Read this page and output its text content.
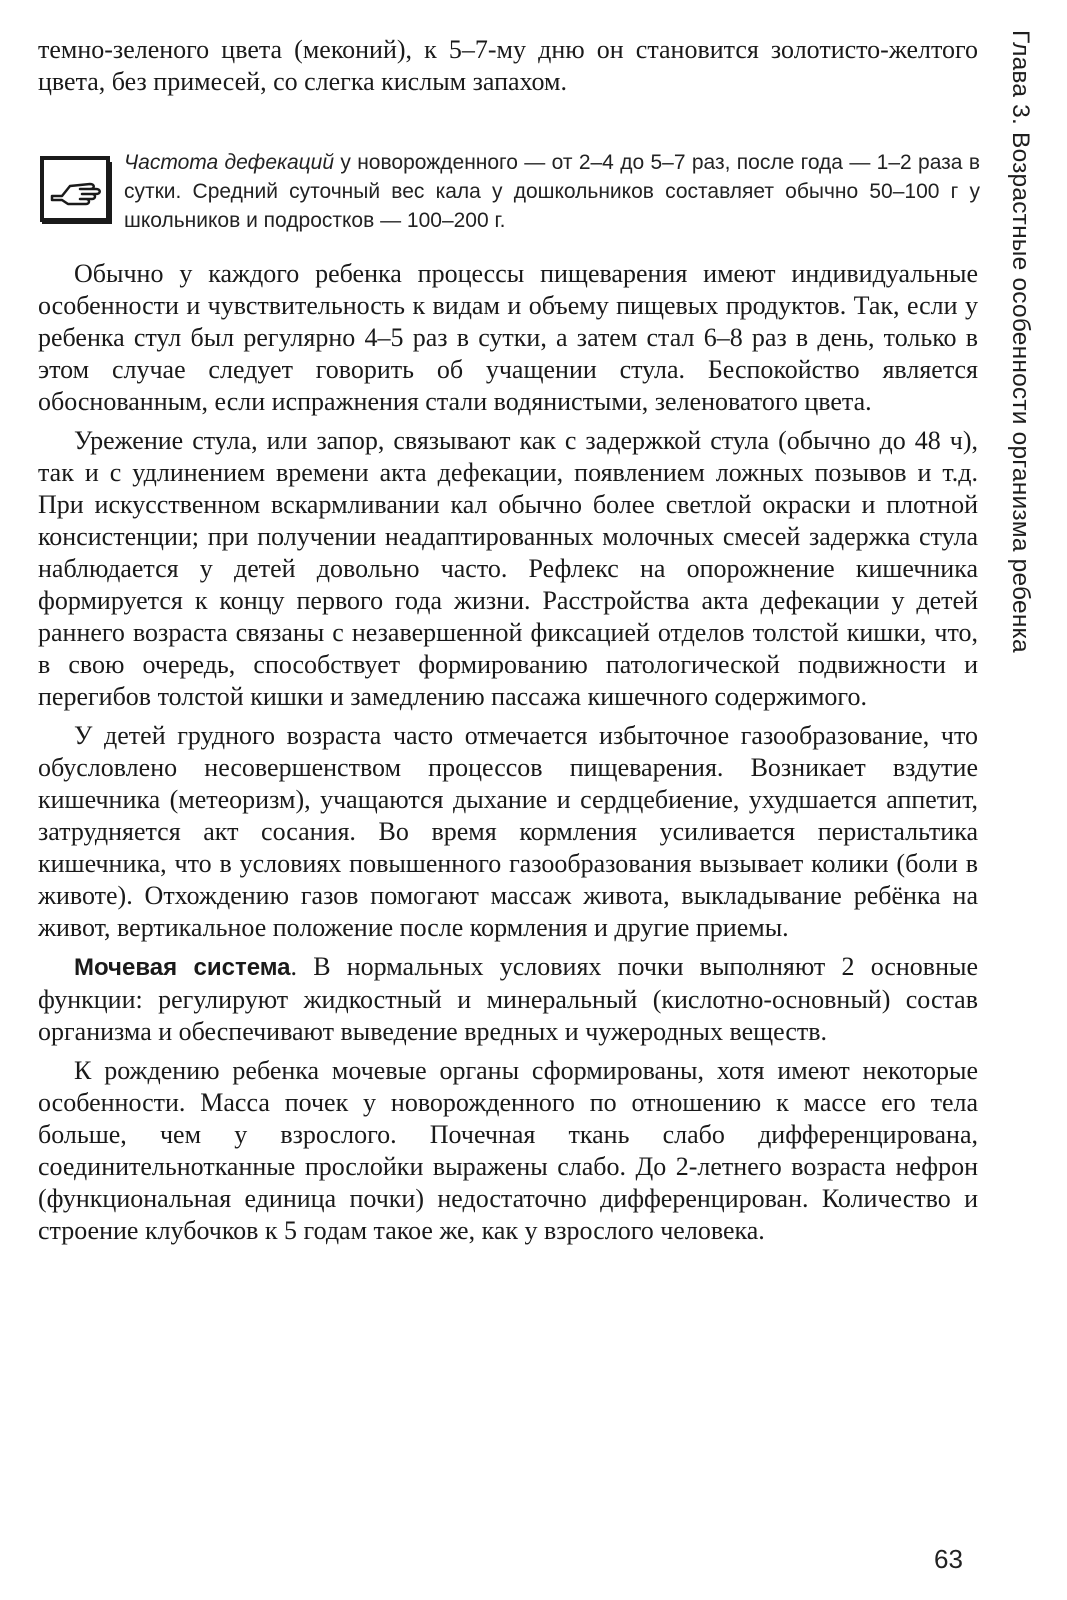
Глава 3. Возрастные особенности организма ребенка

темно-зеленого цвета (меконий), к 5–7-му дню он становится золотисто-желтого цвета, без примесей, со слегка кислым запахом.

Частота дефекаций у новорожденного — от 2–4 до 5–7 раз, после года — 1–2 раза в сутки. Средний суточный вес кала у дошкольников составляет обычно 50–100 г у школьников и подростков — 100–200 г.

Обычно у каждого ребенка процессы пищеварения имеют индивидуальные особенности и чувствительность к видам и объему пищевых продуктов. Так, если у ребенка стул был регулярно 4–5 раз в сутки, а затем стал 6–8 раз в день, только в этом случае следует говорить об учащении стула. Беспокойство является обоснованным, если испражнения стали водянистыми, зеленоватого цвета.

Урежение стула, или запор, связывают как с задержкой стула (обычно до 48 ч), так и с удлинением времени акта дефекации, появлением ложных позывов и т.д. При искусственном вскармливании кал обычно более светлой окраски и плотной консистенции; при получении неадаптированных молочных смесей задержка стула наблюдается у детей довольно часто. Рефлекс на опорожнение кишечника формируется к концу первого года жизни. Расстройства акта дефекации у детей раннего возраста связаны с незавершенной фиксацией отделов толстой кишки, что, в свою очередь, способствует формированию патологической подвижности и перегибов толстой кишки и замедлению пассажа кишечного содержимого.

У детей грудного возраста часто отмечается избыточное газообразование, что обусловлено несовершенством процессов пищеварения. Возникает вздутие кишечника (метеоризм), учащаются дыхание и сердцебиение, ухудшается аппетит, затрудняется акт сосания. Во время кормления усиливается перистальтика кишечника, что в условиях повышенного газообразования вызывает колики (боли в животе). Отхождению газов помогают массаж живота, выкладывание ребёнка на живот, вертикальное положение после кормления и другие приемы.

Мочевая система. В нормальных условиях почки выполняют 2 основные функции: регулируют жидкостный и минеральный (кислотно-основный) состав организма и обеспечивают выведение вредных и чужеродных веществ.

К рождению ребенка мочевые органы сформированы, хотя имеют некоторые особенности. Масса почек у новорожденного по отношению к массе его тела больше, чем у взрослого. Почечная ткань слабо дифференцирована, соединительнотканные прослойки выражены слабо. До 2-летнего возраста нефрон (функциональная единица почки) недостаточно дифференцирован. Количество и строение клубочков к 5 годам такое же, как у взрослого человека.

63
